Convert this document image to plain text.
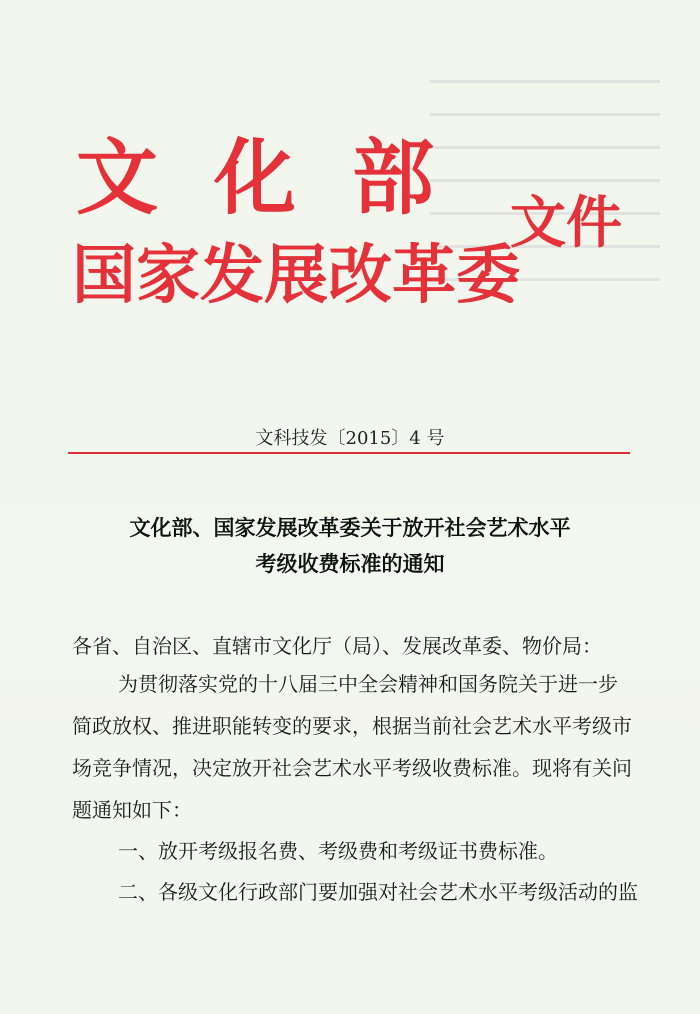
文化部
国家发展改革委
文件
文科技发〔2015〕4 号
文化部、国家发展改革委关于放开社会艺术水平
考级收费标准的通知
各省、自治区、直辖市文化厅（局）、发展改革委、物价局：
为贯彻落实党的十八届三中全会精神和国务院关于进一步
简政放权、推进职能转变的要求，根据当前社会艺术水平考级市
场竞争情况，决定放开社会艺术水平考级收费标准。现将有关问
题通知如下：
一、放开考级报名费、考级费和考级证书费标准。
二、各级文化行政部门要加强对社会艺术水平考级活动的监
